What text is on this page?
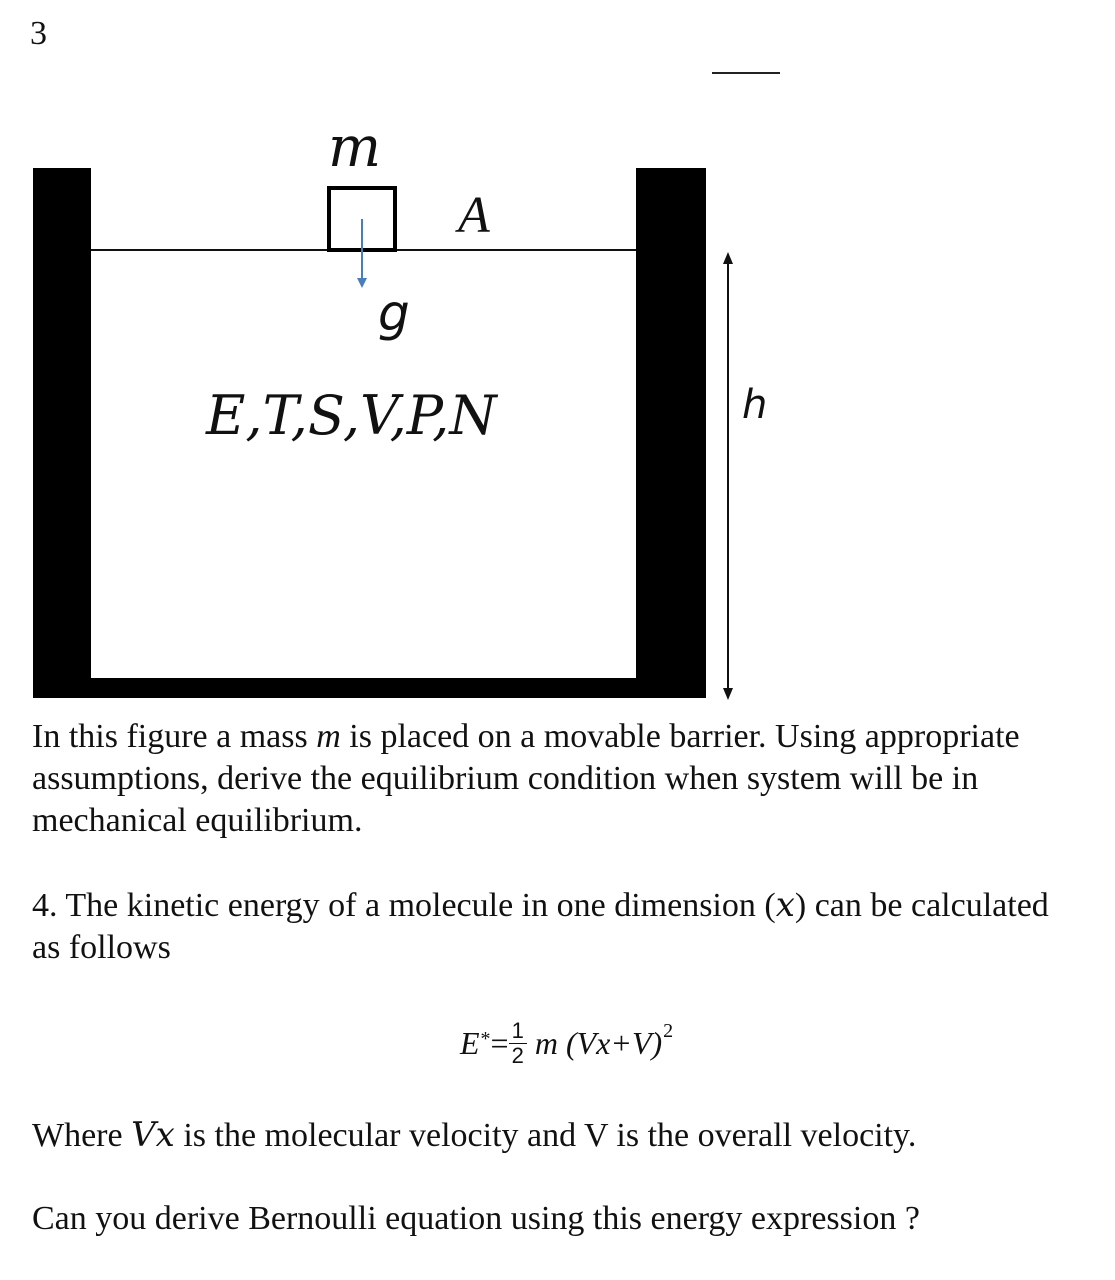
3
m
A
g
E,T,S,V,P,N	h
In this figure a mass m is placed on a movable barrier. Using appropriate
assumptions, derive the equilibrium condition when system will be in
mechanical equilibrium.
4. The kinetic energy of a molecule in one dimension (x) can be calculated
as follows
E * = $\frac{1}{2}$ m (Vx+V) 2
Where Vx is the molecular velocity and V is the overall velocity.
Can you derive Bernoulli equation using this energy expression ?
